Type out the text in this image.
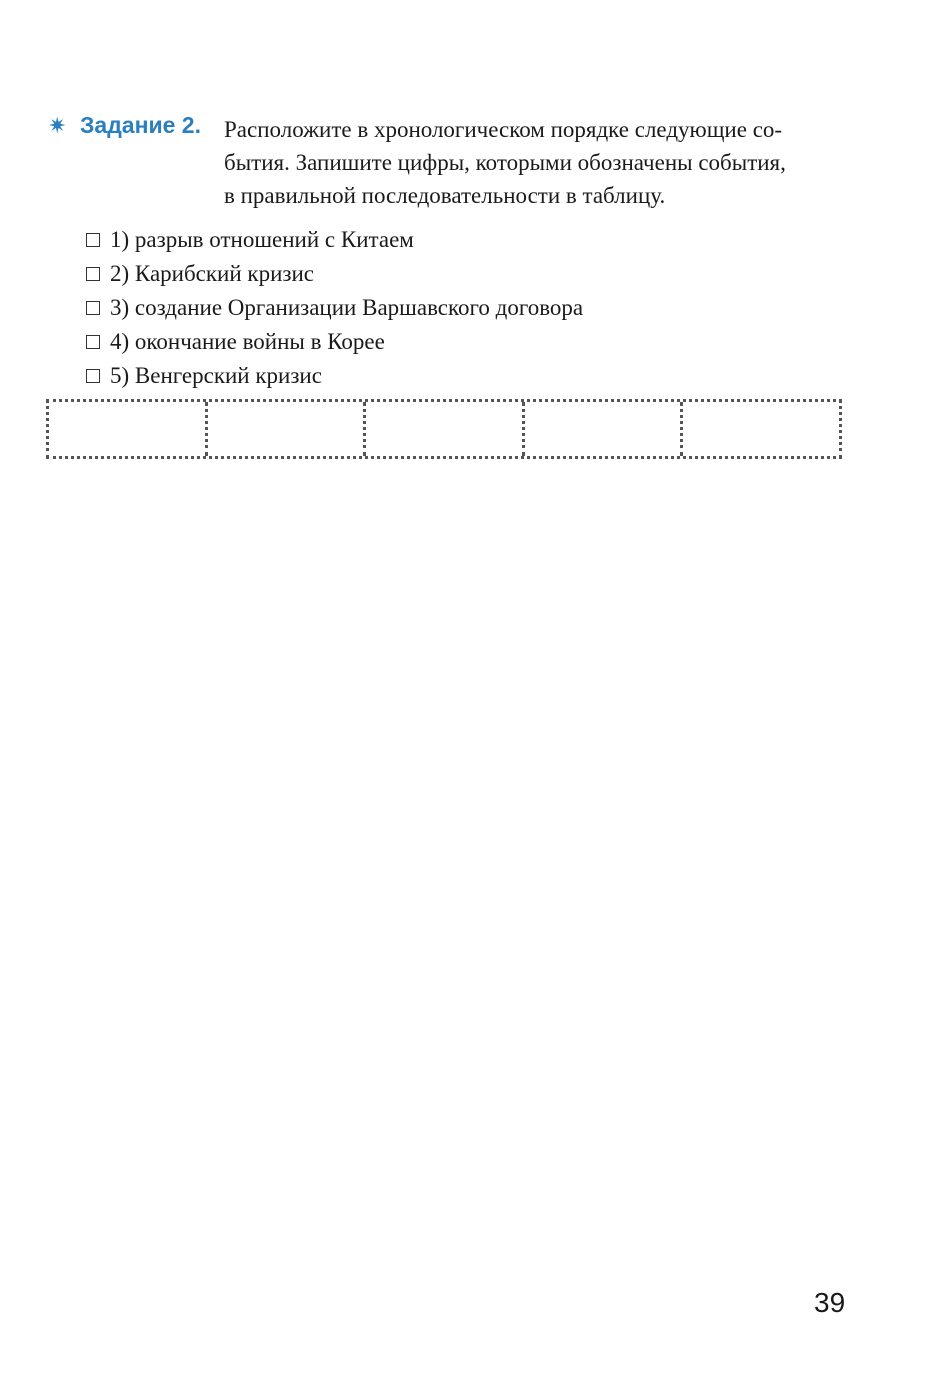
✷ Задание 2. Расположите в хронологическом порядке следующие со-
бытия. Запишите цифры, которыми обозначены события,
в правильной последовательности в таблицу.
1) разрыв отношений с Китаем
2) Карибский кризис
3) создание Организации Варшавского договора
4) окончание войны в Корее
5) Венгерский кризис
39
